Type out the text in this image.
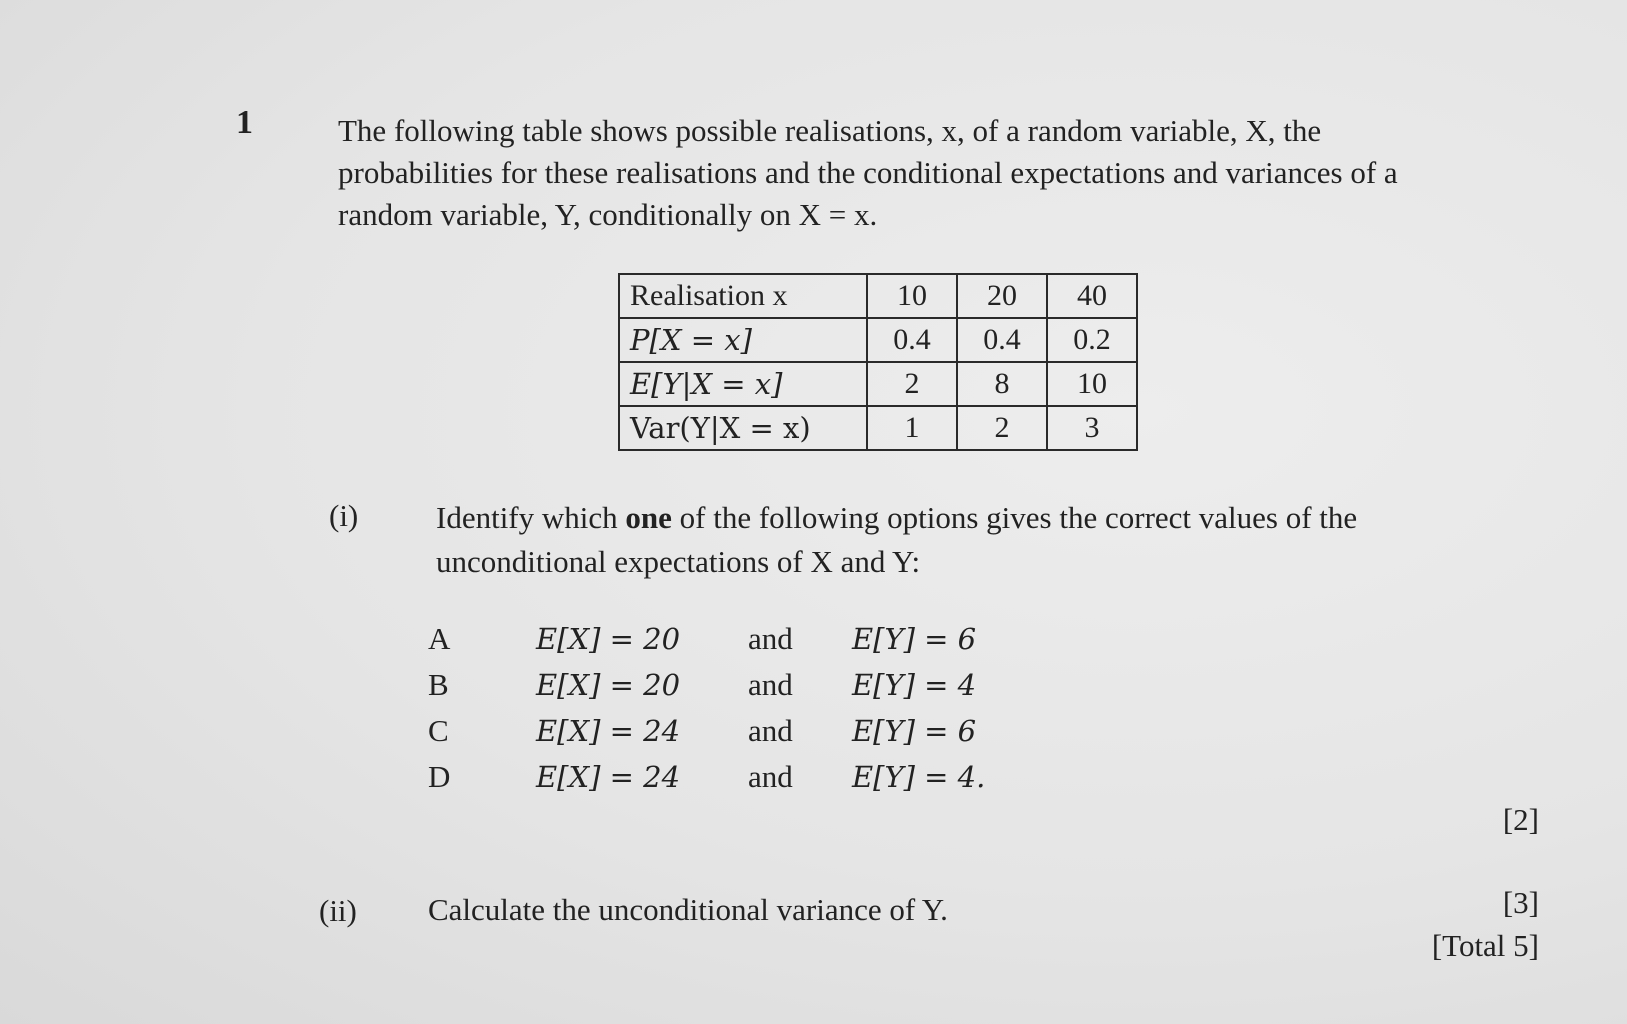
1	The following table shows possible realisations, x, of a random variable, X, the

probabilities for these realisations and the conditional expectations and variances of a

random variable, Y, conditionally on X = x.

Realisation x	10	20	40
P[X = x]	0.4	0.4	0.2
E[Y|X = x]	2	8	10
Var(Y|X = x)	1	2	3
(i)	Identify which one of the following options gives the correct values of the

unconditional expectations of X and Y:

A	E[X] = 20	and	E[Y] = 6
B	E[X] = 20	and	E[Y] = 4
C	E[X] = 24	and	E[Y] = 6
D	E[X] = 24	and	E[Y] = 4.
[2]
(ii) Calculate the unconditional variance of Y.	[3]
[Total 5]
